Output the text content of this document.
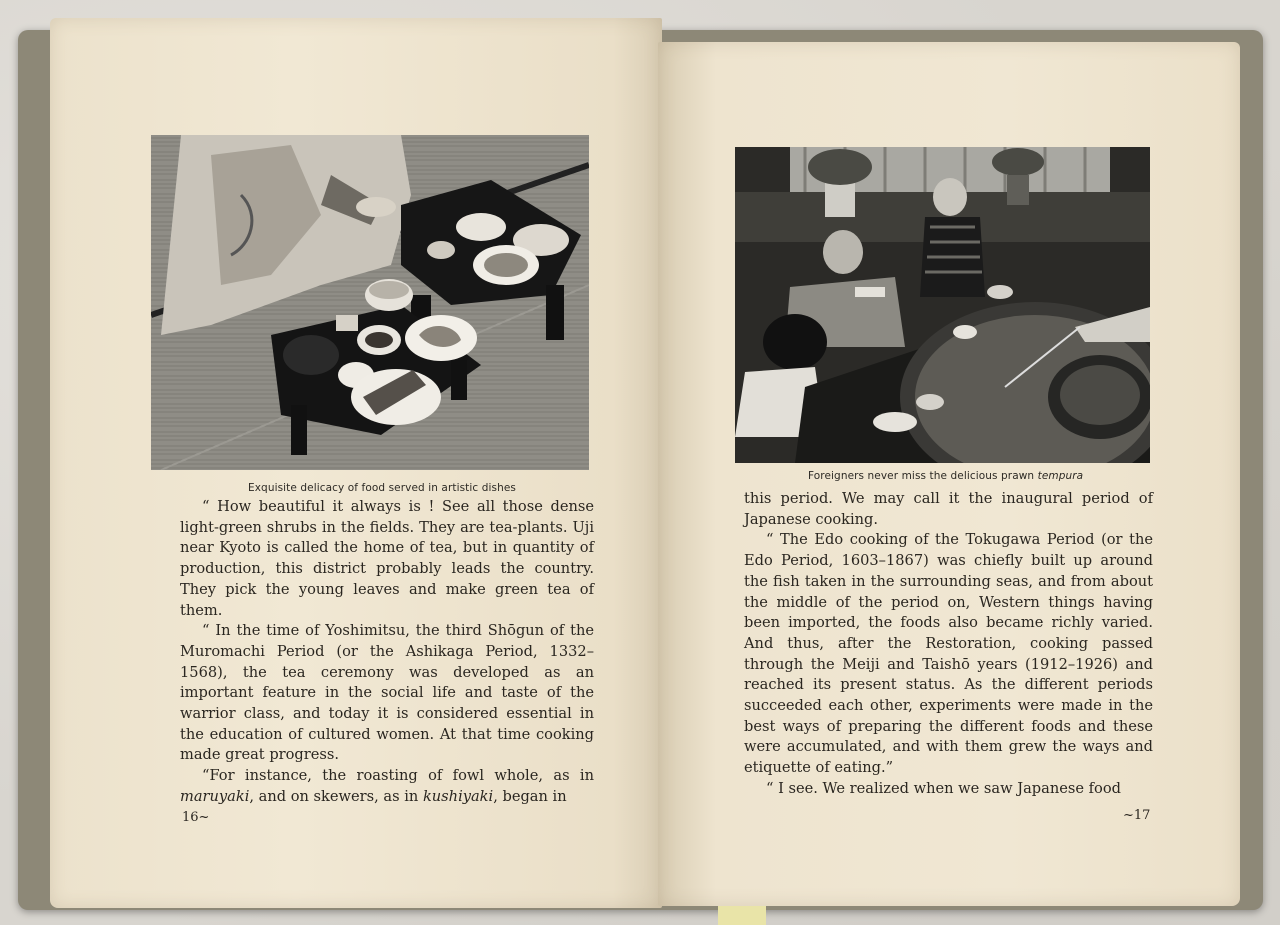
Exquisite delicacy of food served in artistic dishes

“ How beautiful it always is ! See all those dense light-green shrubs in the fields. They are tea-plants. Uji near Kyoto is called the home of tea, but in quantity of production, this district probably leads the country. They pick the young leaves and make green tea of them.

“ In the time of Yoshimitsu, the third Shōgun of the Muromachi Period (or the Ashikaga Period, 1332–1568), the tea ceremony was developed as an important feature in the social life and taste of the warrior class, and today it is considered essential in the education of cultured women. At that time cooking made great progress.

“For instance, the roasting of fowl whole, as in maruyaki, and on skewers, as in kushiyaki, began in

16~
Foreigners never miss the delicious prawn tempura

this period. We may call it the inaugural period of Japanese cooking.

“ The Edo cooking of the Tokugawa Period (or the Edo Period, 1603–1867) was chiefly built up around the fish taken in the surrounding seas, and from about the middle of the period on, Western things having been imported, the foods also became richly varied. And thus, after the Restoration, cooking passed through the Meiji and Taishō years (1912–1926) and reached its present status. As the different periods succeeded each other, experiments were made in the best ways of preparing the different foods and these were accumulated, and with them grew the ways and etiquette of eating.”

“ I see. We realized when we saw Japanese food

~17
